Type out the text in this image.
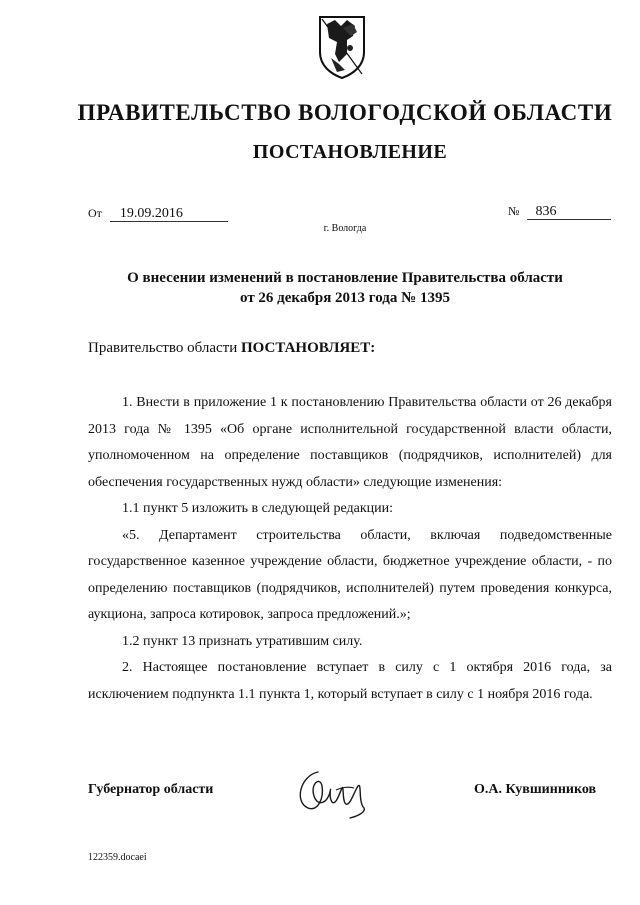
ПРАВИТЕЛЬСТВО ВОЛОГОДСКОЙ ОБЛАСТИ
ПОСТАНОВЛЕНИЕ
От 19.09.2016	№ 836
г. Вологда
О внесении изменений в постановление Правительства области
от 26 декабря 2013 года № 1395
Правительство области ПОСТАНОВЛЯЕТ:

1. Внести в приложение 1 к постановлению Правительства области от 26 декабря 2013 года № 1395 «Об органе исполнительной государственной власти области, уполномоченном на определение поставщиков (подрядчиков, исполнителей) для обеспечения государственных нужд области» следующие изменения:

1.1 пункт 5 изложить в следующей редакции:

«5. Департамент строительства области, включая подведомственные государственное казенное учреждение области, бюджетное учреждение области, - по определению поставщиков (подрядчиков, исполнителей) путем проведения конкурса, аукциона, запроса котировок, запроса предложений.»;

1.2 пункт 13 признать утратившим силу.

2. Настоящее постановление вступает в силу с 1 октября 2016 года, за исключением подпункта 1.1 пункта 1, который вступает в силу с 1 ноября 2016 года.

Губернатор области	О.А. Кувшинников
122359.docaei
